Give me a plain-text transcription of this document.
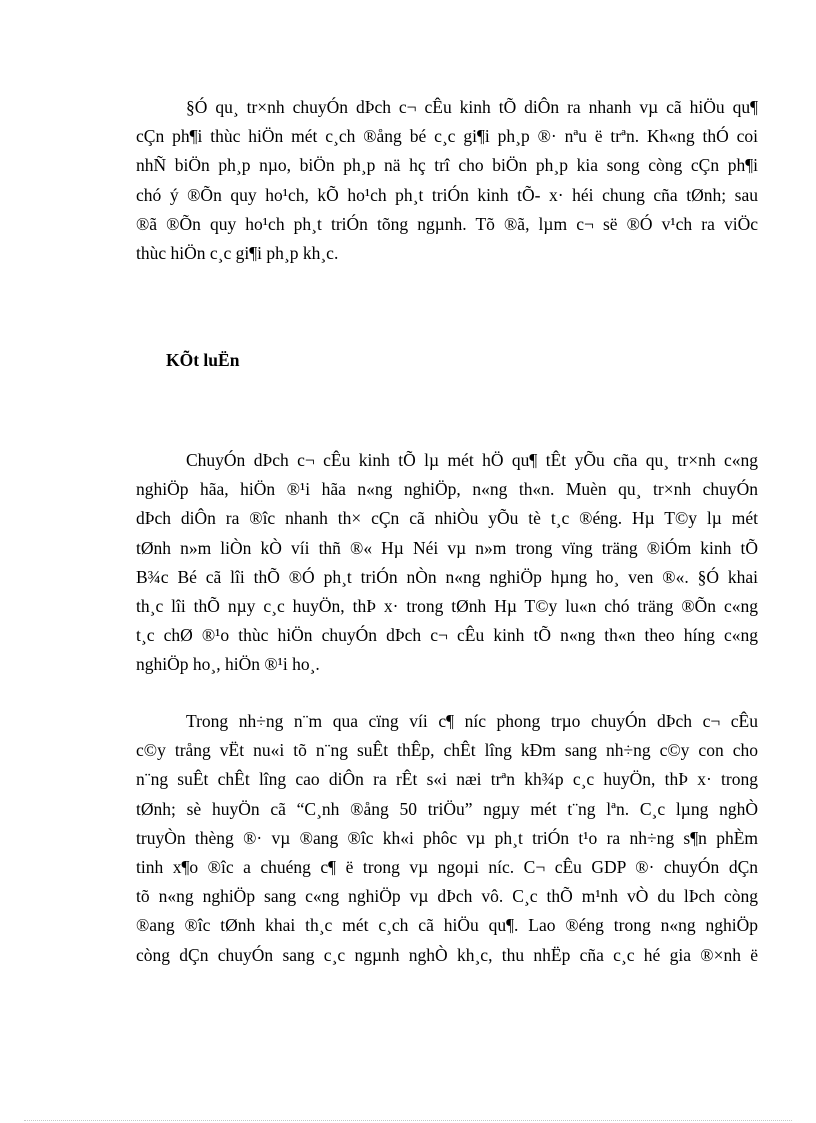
§Ó qu¸ tr×nh chuyÓn dÞch c¬ cÊu kinh tÕ diÔn ra nhanh vµ cã hiÖu qu¶
cÇn ph¶i thùc hiÖn mét c¸ch ®ång bé c¸c gi¶i ph¸p ®· nªu ë trªn. Kh«ng thÓ coi
nhÑ biÖn ph¸p nµo, biÖn ph¸p nä hç trî cho biÖn ph¸p kia song còng cÇn ph¶i
chó ý ®Õn quy ho¹ch, kÕ ho¹ch ph¸t triÓn kinh tÕ- x· héi chung cña tØnh; sau
®ã ®Õn quy ho¹ch ph¸t triÓn tõng ngµnh. Tõ ®ã, lµm c¬ së ®Ó v¹ch ra viÖc
thùc hiÖn c¸c gi¶i ph¸p kh¸c.
KÕt luËn
ChuyÓn dÞch c¬ cÊu kinh tÕ lµ mét hÖ qu¶ tÊt yÕu cña qu¸ tr×nh c«ng
nghiÖp hãa, hiÖn ®¹i hãa n«ng nghiÖp, n«ng th«n. Muèn qu¸ tr×nh chuyÓn
dÞch diÔn ra ®îc nhanh th× cÇn cã nhiÒu yÕu tè t¸c ®éng. Hµ T©y lµ mét
tØnh n»m liÒn kÒ víi thñ ®« Hµ Néi vµ n»m trong vïng träng ®iÓm kinh tÕ
B¾c Bé cã lîi thÕ ®Ó ph¸t triÓn nÒn n«ng nghiÖp hµng ho¸ ven ®«. §Ó khai
th¸c lîi thÕ nµy c¸c huyÖn, thÞ x· trong tØnh Hµ T©y lu«n chó träng ®Õn c«ng
t¸c chØ ®¹o thùc hiÖn chuyÓn dÞch c¬ cÊu kinh tÕ n«ng th«n theo híng c«ng
nghiÖp ho¸, hiÖn ®¹i ho¸.
Trong nh÷ng n¨m qua cïng víi c¶ níc phong trµo chuyÓn dÞch c¬ cÊu
c©y trång vËt nu«i tõ n¨ng suÊt thÊp, chÊt lîng kÐm sang nh÷ng c©y con cho
n¨ng suÊt chÊt lîng cao diÔn ra rÊt s«i næi trªn kh¾p c¸c huyÖn, thÞ x· trong
tØnh; sè huyÖn cã “C¸nh ®ång 50 triÖu” ngµy mét t¨ng lªn. C¸c lµng nghÒ
truyÒn thèng ®· vµ ®ang ®îc kh«i phôc vµ ph¸t triÓn t¹o ra nh÷ng s¶n phÈm
tinh x¶o ®îc a chuéng c¶ ë trong vµ ngoµi níc. C¬ cÊu GDP ®· chuyÓn dÇn
tõ n«ng nghiÖp sang c«ng nghiÖp vµ dÞch vô. C¸c thÕ m¹nh vÒ du lÞch còng
®ang ®îc tØnh khai th¸c mét c¸ch cã hiÖu qu¶. Lao ®éng trong n«ng nghiÖp
còng dÇn chuyÓn sang c¸c ngµnh nghÒ kh¸c, thu nhËp cña c¸c hé gia ®×nh ë
